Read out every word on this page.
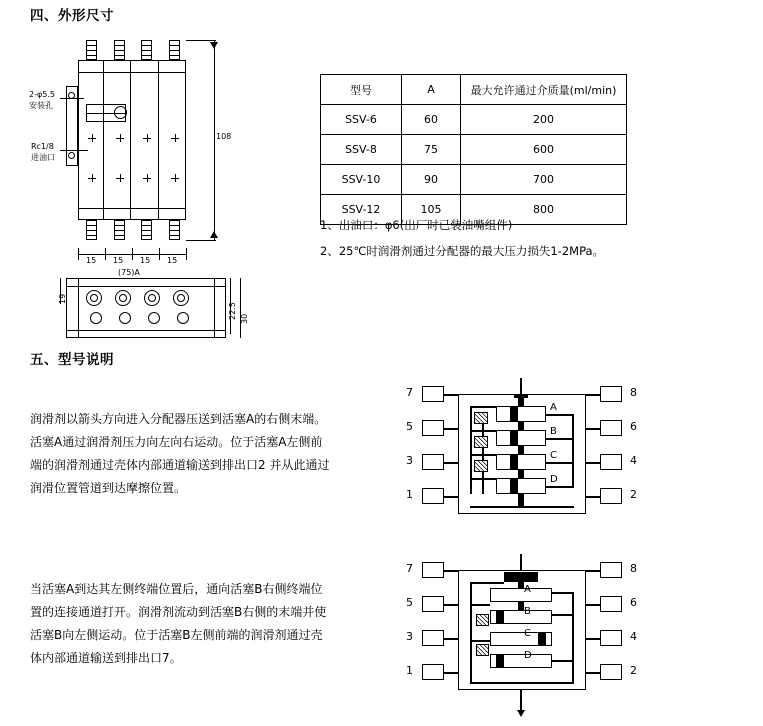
四、外形尺寸
108
15 15 15 15
(75)A
19
22.5 30
2-φ5.5
安装孔
Rc1/8
进油口
型号	A	最大允许通过介质量(ml/min)
SSV-6	60	200
SSV-8	75	600
SSV-10	90	700
SSV-12	105	800
1、出油口：φ6(出厂时已装油嘴组件)
2、25℃时润滑剂通过分配器的最大压力损失1-2MPa。
五、型号说明
润滑剂以箭头方向进入分配器压送到活塞A的右侧末端。活塞A通过润滑剂压力向左向右运动。位于活塞A左侧前端的润滑剂通过壳体内部通道输送到排出口2 并从此通过润滑位置管道到达摩擦位置。
当活塞A到达其左侧终端位置后，通向活塞B右侧终端位置的连接通道打开。润滑剂流动到活塞B右侧的末端并使活塞B向左侧运动。位于活塞B左侧前端的润滑剂通过壳体内部通道输送到排出口7。
7
5
3
1
8
6
4
2
A
B
C
D
7
5
3
1
8
6
4
2
A
B
C
D
